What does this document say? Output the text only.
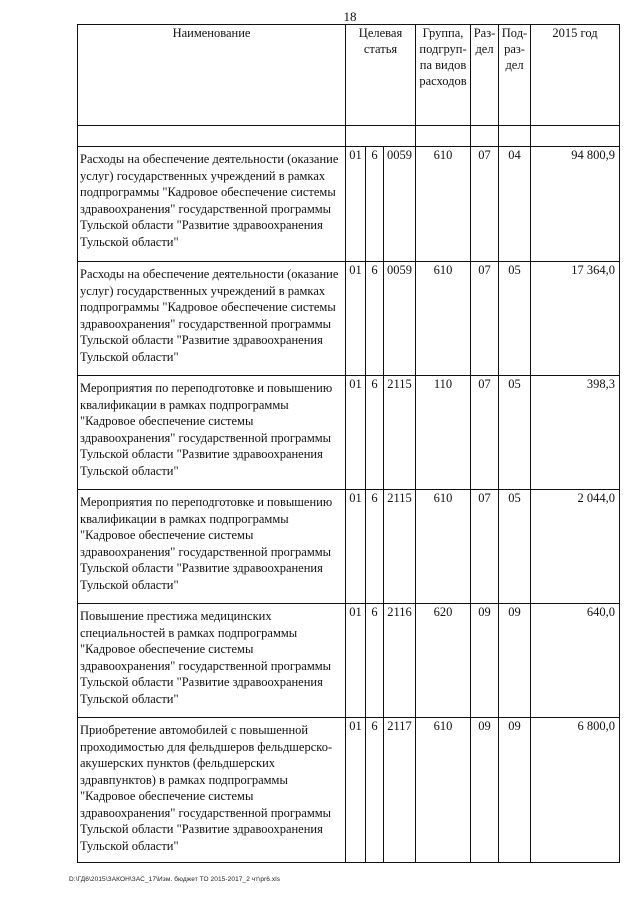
18
Наименование	Целевая статья			Группа, подгруп-па видов расходов	Раз-дел	Под-раз-дел	2015 год

Расходы на обеспечение деятельности (оказание услуг) государственных учреждений в рамках подпрограммы "Кадровое обеспечение системы здравоохранения" государственной программы Тульской области "Развитие здравоохранения Тульской области"	01	6	0059	610	07	04	94 800,9
Расходы на обеспечение деятельности (оказание услуг) государственных учреждений в рамках подпрограммы "Кадровое обеспечение системы здравоохранения" государственной программы Тульской области "Развитие здравоохранения Тульской области"	01	6	0059	610	07	05	17 364,0
Мероприятия по переподготовке и повышению квалификации в рамках подпрограммы "Кадровое обеспечение системы здравоохранения" государственной программы Тульской области "Развитие здравоохранения Тульской области"	01	6	2115	110	07	05	398,3
Мероприятия по переподготовке и повышению квалификации в рамках подпрограммы "Кадровое обеспечение системы здравоохранения" государственной программы Тульской области "Развитие здравоохранения Тульской области"	01	6	2115	610	07	05	2 044,0
Повышение престижа медицинских специальностей в рамках подпрограммы "Кадровое обеспечение системы здравоохранения" государственной программы Тульской области "Развитие здравоохранения Тульской области"	01	6	2116	620	09	09	640,0
Приобретение автомобилей с повышенной проходимостью для фельдшеров фельдшерско-акушерских пунктов (фельдшерских здравпунктов) в рамках подпрограммы "Кадровое обеспечение системы здравоохранения" государственной программы Тульской области "Развитие здравоохранения Тульской области"	01	6	2117	610	09	09	6 800,0
D:\ГД6\2015\ЗАКОН\ЗАС_17\Изм. бюджет ТО 2015-2017_2 чт\pr6.xls
